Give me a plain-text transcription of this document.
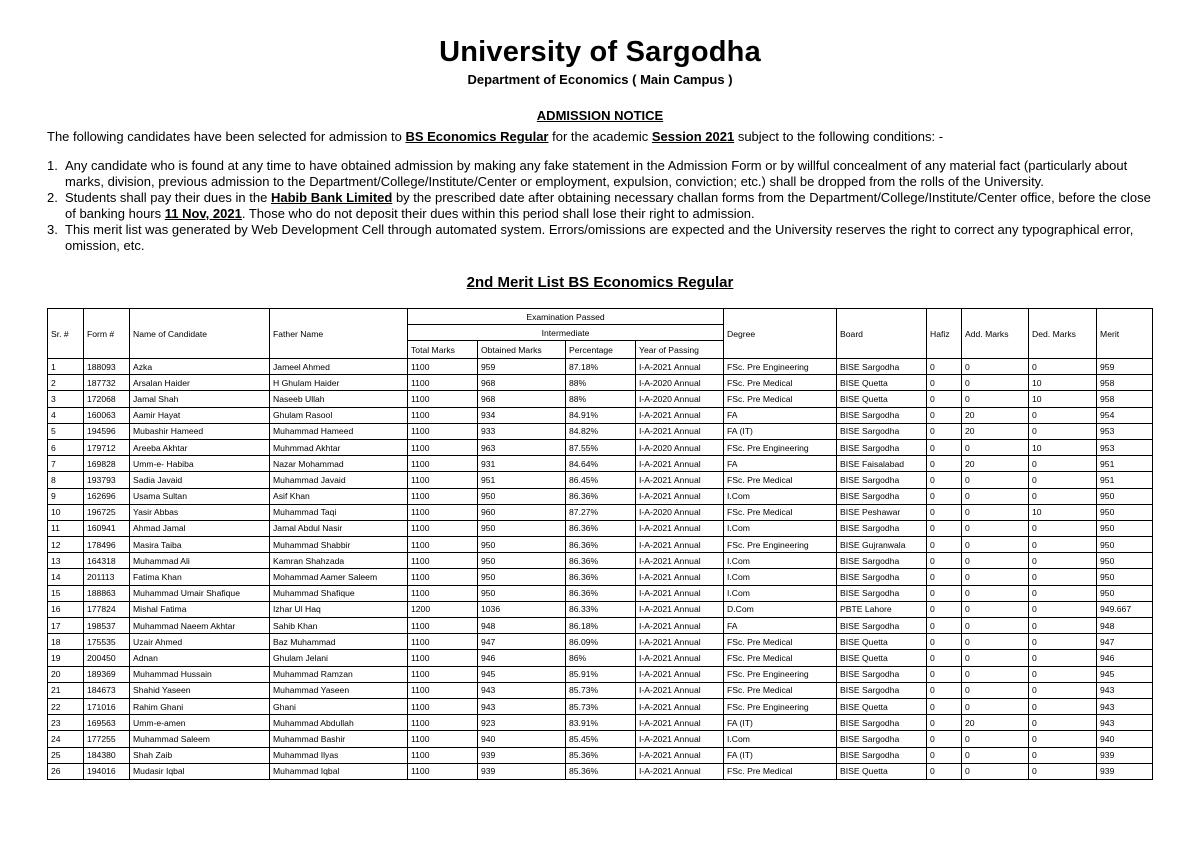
University of Sargodha
Department of Economics ( Main Campus )
ADMISSION NOTICE
The following candidates have been selected for admission to BS Economics Regular for the academic Session 2021 subject to the following conditions: -
1. Any candidate who is found at any time to have obtained admission by making any fake statement in the Admission Form or by willful concealment of any material fact (particularly about marks, division, previous admission to the Department/College/Institute/Center or employment, expulsion, conviction; etc.) shall be dropped from the rolls of the University.
2. Students shall pay their dues in the Habib Bank Limited by the prescribed date after obtaining necessary challan forms from the Department/College/Institute/Center office, before the close of banking hours 11 Nov, 2021. Those who do not deposit their dues within this period shall lose their right to admission.
3. This merit list was generated by Web Development Cell through automated system. Errors/omissions are expected and the University reserves the right to correct any typographical error, omission, etc.
2nd Merit List BS Economics Regular
Sr. #	Form #	Name of Candidate	Father Name	Examination Passed				Degree	Board	Hafiz	Add. Marks	Ded. Marks	Merit
				Intermediate									
				Total Marks	Obtained Marks	Percentage	Year of Passing						
1	188093	Azka	Jameel Ahmed	1100	959	87.18%	I-A-2021 Annual	FSc. Pre Engineering	BISE Sargodha	0	0	0	959
2	187732	Arsalan Haider	H Ghulam Haider	1100	968	88%	I-A-2020 Annual	FSc. Pre Medical	BISE Quetta	0	0	10	958
3	172068	Jamal Shah	Naseeb Ullah	1100	968	88%	I-A-2020 Annual	FSc. Pre Medical	BISE Quetta	0	0	10	958
4	160063	Aamir Hayat	Ghulam Rasool	1100	934	84.91%	I-A-2021 Annual	FA	BISE Sargodha	0	20	0	954
5	194596	Mubashir Hameed	Muhammad Hameed	1100	933	84.82%	I-A-2021 Annual	FA (IT)	BISE Sargodha	0	20	0	953
6	179712	Areeba Akhtar	Muhmmad Akhtar	1100	963	87.55%	I-A-2020 Annual	FSc. Pre Engineering	BISE Sargodha	0	0	10	953
7	169828	Umm-e- Habiba	Nazar Mohammad	1100	931	84.64%	I-A-2021 Annual	FA	BISE Faisalabad	0	20	0	951
8	193793	Sadia Javaid	Muhammad Javaid	1100	951	86.45%	I-A-2021 Annual	FSc. Pre Medical	BISE Sargodha	0	0	0	951
9	162696	Usama Sultan	Asif Khan	1100	950	86.36%	I-A-2021 Annual	I.Com	BISE Sargodha	0	0	0	950
10	196725	Yasir Abbas	Muhammad Taqi	1100	960	87.27%	I-A-2020 Annual	FSc. Pre Medical	BISE Peshawar	0	0	10	950
11	160941	Ahmad Jamal	Jamal Abdul Nasir	1100	950	86.36%	I-A-2021 Annual	I.Com	BISE Sargodha	0	0	0	950
12	178496	Masira Taiba	Muhammad Shabbir	1100	950	86.36%	I-A-2021 Annual	FSc. Pre Engineering	BISE Gujranwala	0	0	0	950
13	164318	Muhammad Ali	Kamran Shahzada	1100	950	86.36%	I-A-2021 Annual	I.Com	BISE Sargodha	0	0	0	950
14	201113	Fatima Khan	Mohammad Aamer Saleem	1100	950	86.36%	I-A-2021 Annual	I.Com	BISE Sargodha	0	0	0	950
15	188863	Muhammad Umair Shafique	Muhammad Shafique	1100	950	86.36%	I-A-2021 Annual	I.Com	BISE Sargodha	0	0	0	950
16	177824	Mishal Fatima	Izhar Ul Haq	1200	1036	86.33%	I-A-2021 Annual	D.Com	PBTE Lahore	0	0	0	949.667
17	198537	Muhammad Naeem Akhtar	Sahib Khan	1100	948	86.18%	I-A-2021 Annual	FA	BISE Sargodha	0	0	0	948
18	175535	Uzair Ahmed	Baz Muhammad	1100	947	86.09%	I-A-2021 Annual	FSc. Pre Medical	BISE Quetta	0	0	0	947
19	200450	Adnan	Ghulam Jelani	1100	946	86%	I-A-2021 Annual	FSc. Pre Medical	BISE Quetta	0	0	0	946
20	189369	Muhammad Hussain	Muhammad Ramzan	1100	945	85.91%	I-A-2021 Annual	FSc. Pre Engineering	BISE Sargodha	0	0	0	945
21	184673	Shahid Yaseen	Muhammad Yaseen	1100	943	85.73%	I-A-2021 Annual	FSc. Pre Medical	BISE Sargodha	0	0	0	943
22	171016	Rahim Ghani	Ghani	1100	943	85.73%	I-A-2021 Annual	FSc. Pre Engineering	BISE Quetta	0	0	0	943
23	169563	Umm-e-amen	Muhammad Abdullah	1100	923	83.91%	I-A-2021 Annual	FA (IT)	BISE Sargodha	0	20	0	943
24	177255	Muhammad Saleem	Muhammad Bashir	1100	940	85.45%	I-A-2021 Annual	I.Com	BISE Sargodha	0	0	0	940
25	184380	Shah Zaib	Muhammad Ilyas	1100	939	85.36%	I-A-2021 Annual	FA (IT)	BISE Sargodha	0	0	0	939
26	194016	Mudasir Iqbal	Muhammad Iqbal	1100	939	85.36%	I-A-2021 Annual	FSc. Pre Medical	BISE Quetta	0	0	0	939
